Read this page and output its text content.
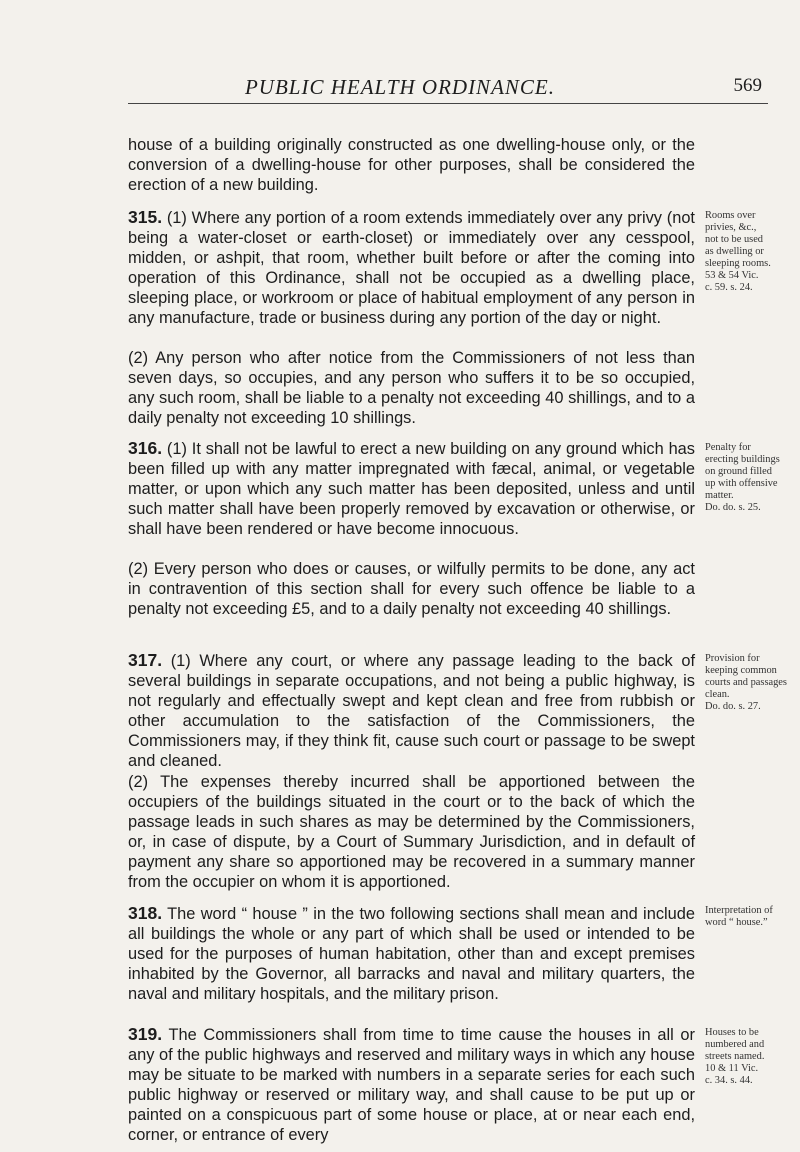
PUBLIC HEALTH ORDINANCE.	569

house of a building originally constructed as one dwelling-house only, or the conversion of a dwelling-house for other purposes, shall be considered the erection of a new building.

315. (1) Where any portion of a room extends immediately over any privy (not being a water-closet or earth-closet) or immediately over any cesspool, midden, or ashpit, that room, whether built before or after the coming into operation of this Ordinance, shall not be occupied as a dwelling place, sleeping place, or workroom or place of habitual employment of any person in any manufacture, trade or business during any portion of the day or night.

(2) Any person who after notice from the Commissioners of not less than seven days, so occupies, and any person who suffers it to be so occupied, any such room, shall be liable to a penalty not exceeding 40 shillings, and to a daily penalty not exceeding 10 shillings.

Rooms over
privies, &c.,
not to be used
as dwelling or
sleeping rooms.
53 & 54 Vic.
c. 59. s. 24.

316. (1) It shall not be lawful to erect a new building on any ground which has been filled up with any matter impregnated with fæcal, animal, or vegetable matter, or upon which any such matter has been deposited, unless and until such matter shall have been properly removed by excavation or otherwise, or shall have been rendered or have become innocuous.

(2) Every person who does or causes, or wilfully permits to be done, any act in contravention of this section shall for every such offence be liable to a penalty not exceeding £5, and to a daily penalty not exceeding 40 shillings.

Penalty for
erecting buildings
on ground filled
up with offensive
matter.
Do. do. s. 25.

317. (1) Where any court, or where any passage leading to the back of several buildings in separate occupations, and not being a public highway, is not regularly and effectually swept and kept clean and free from rubbish or other accumulation to the satisfaction of the Commissioners, the Commissioners may, if they think fit, cause such court or passage to be swept and cleaned.

(2) The expenses thereby incurred shall be apportioned between the occupiers of the buildings situated in the court or to the back of which the passage leads in such shares as may be determined by the Commissioners, or, in case of dispute, by a Court of Summary Jurisdiction, and in default of payment any share so apportioned may be recovered in a summary manner from the occupier on whom it is apportioned.

Provision for
keeping common
courts and passages
clean.
Do. do. s. 27.

318. The word “ house ” in the two following sections shall mean and include all buildings the whole or any part of which shall be used or intended to be used for the purposes of human habitation, other than and except premises inhabited by the Governor, all barracks and naval and military quarters, the naval and military hospitals, and the military prison.

Interpretation of
word “ house.”

319. The Commissioners shall from time to time cause the houses in all or any of the public highways and reserved and military ways in which any house may be situate to be marked with numbers in a separate series for each such public highway or reserved or military way, and shall cause to be put up or painted on a conspicuous part of some house or place, at or near each end, corner, or entrance of every

Houses to be
numbered and
streets named.
10 & 11 Vic.
c. 34. s. 44.
